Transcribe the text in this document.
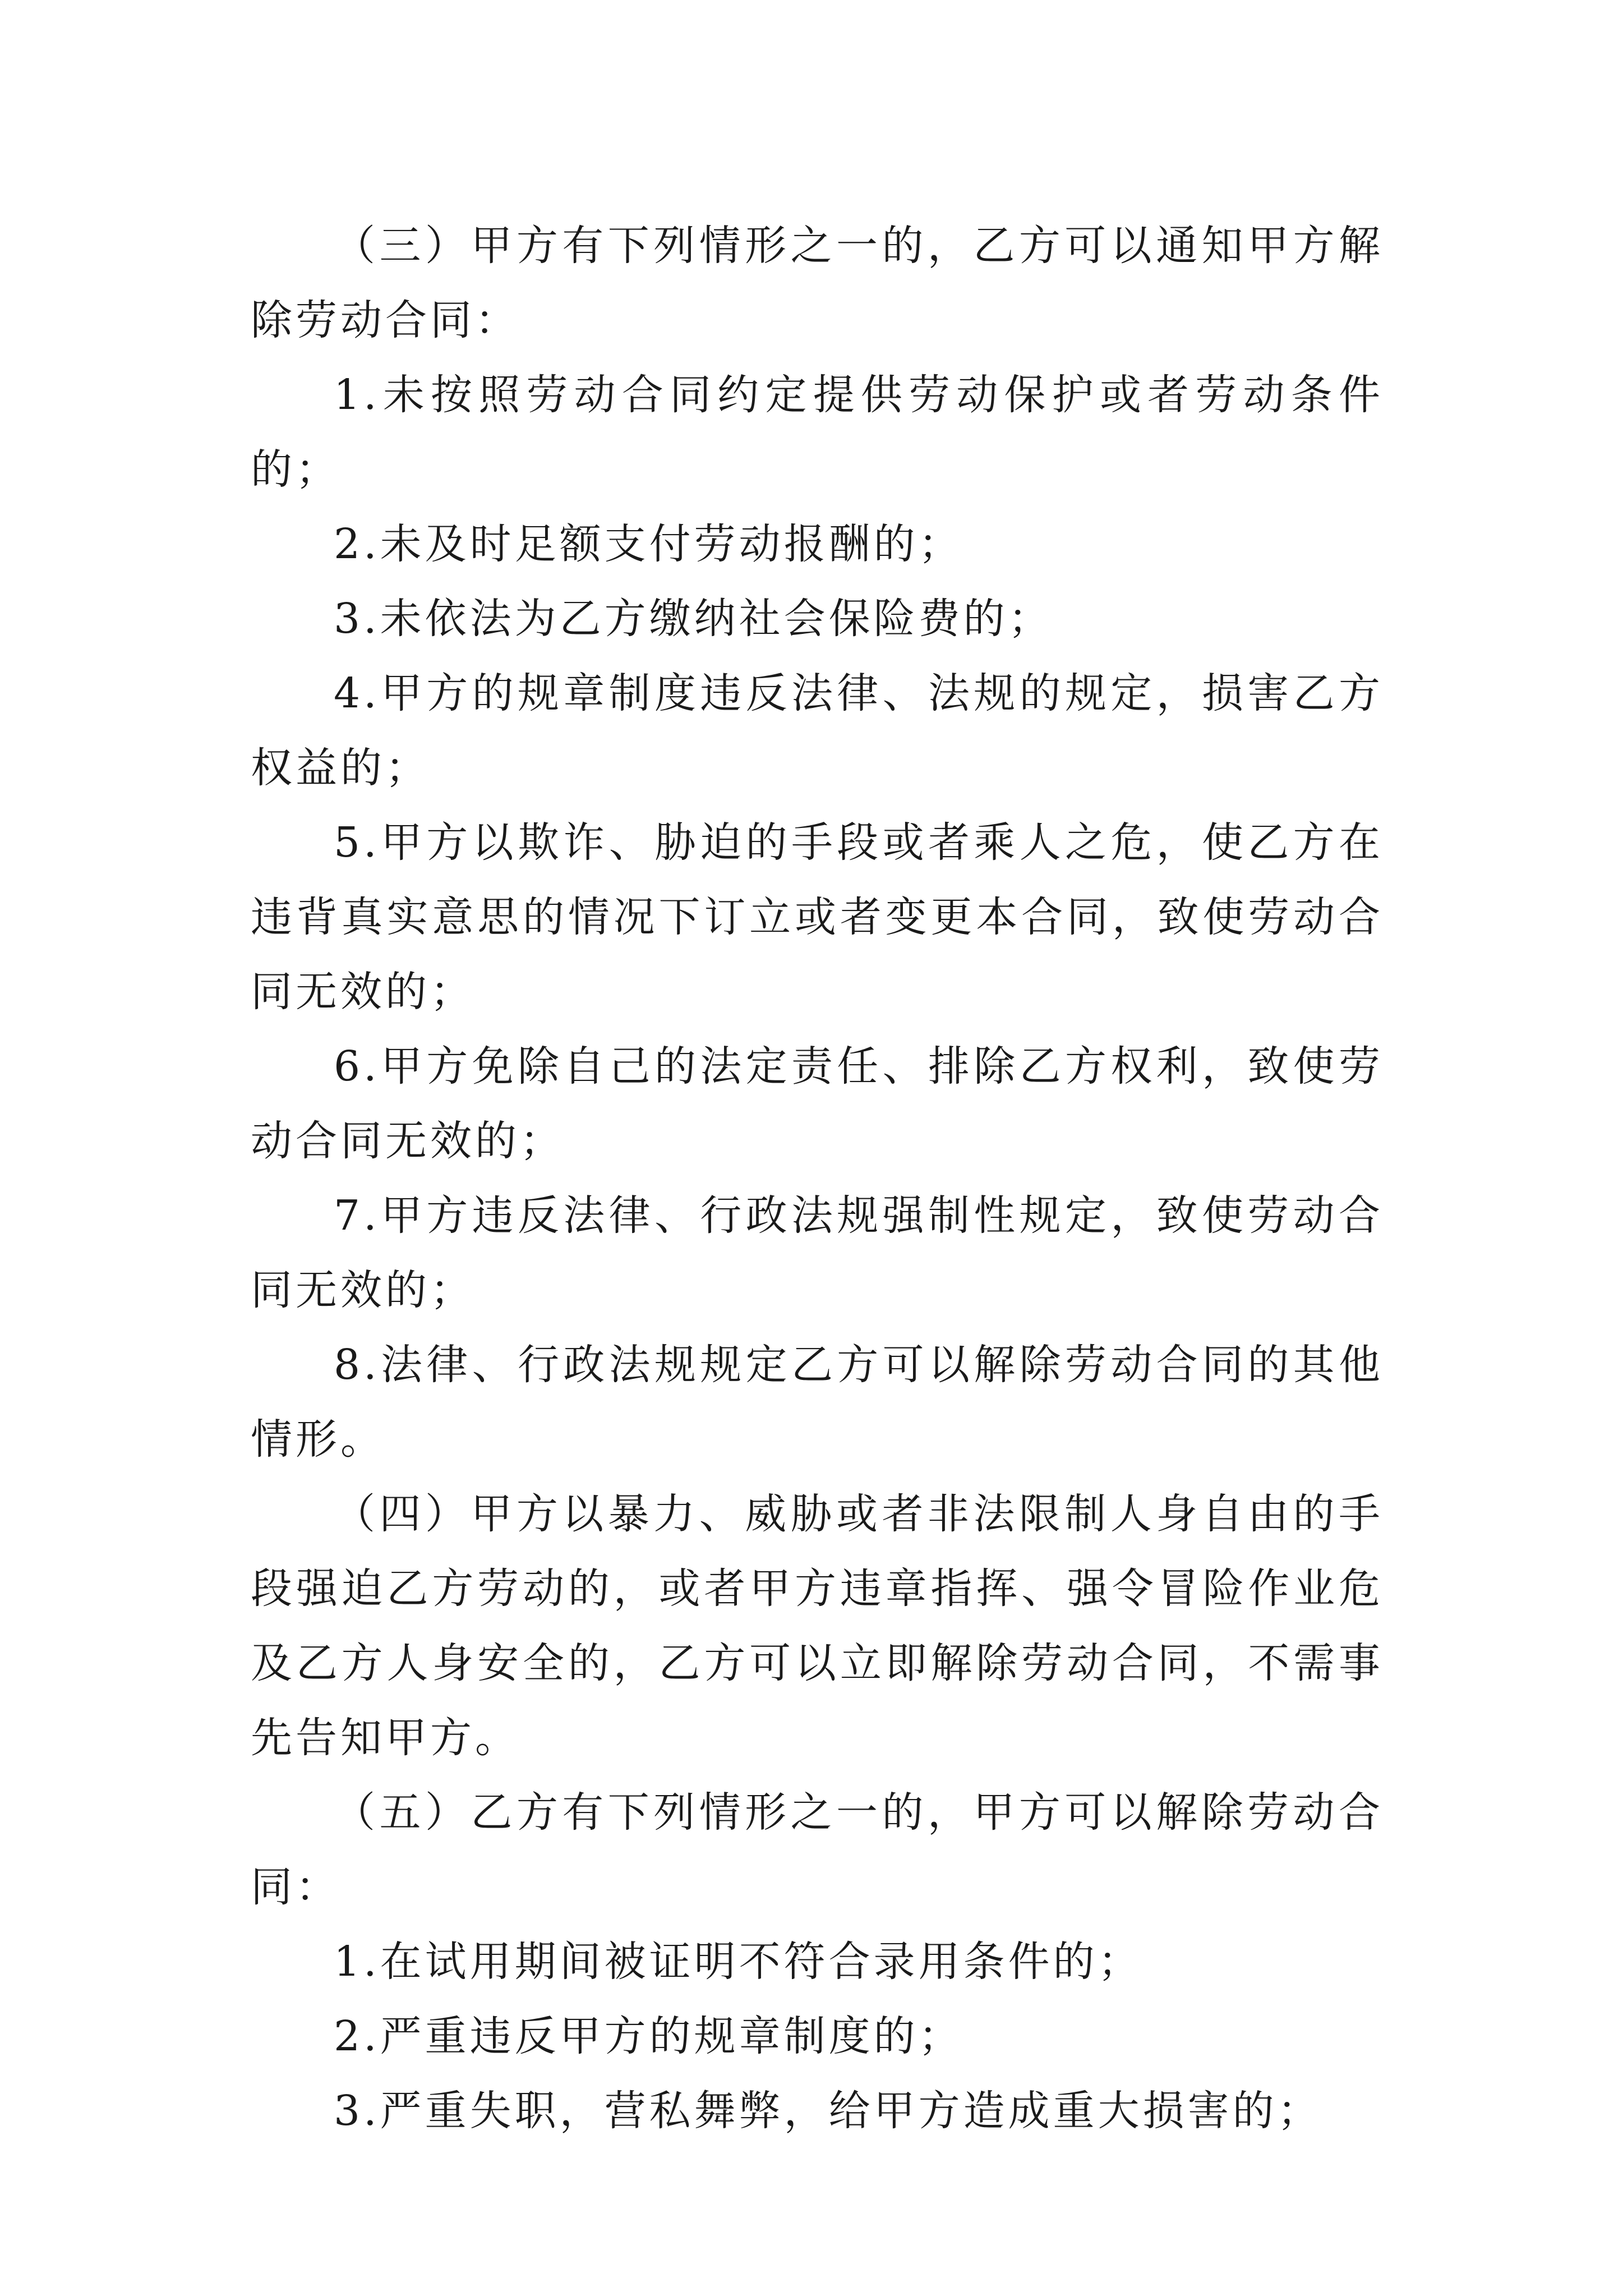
（三）甲方有下列情形之一的，乙方可以通知甲方解除劳动合同：

1.未按照劳动合同约定提供劳动保护或者劳动条件的；

2.未及时足额支付劳动报酬的；

3.未依法为乙方缴纳社会保险费的；

4.甲方的规章制度违反法律、法规的规定，损害乙方权益的；

5.甲方以欺诈、胁迫的手段或者乘人之危，使乙方在违背真实意思的情况下订立或者变更本合同，致使劳动合同无效的；

6.甲方免除自己的法定责任、排除乙方权利，致使劳动合同无效的；

7.甲方违反法律、行政法规强制性规定，致使劳动合同无效的；

8.法律、行政法规规定乙方可以解除劳动合同的其他情形。

（四）甲方以暴力、威胁或者非法限制人身自由的手段强迫乙方劳动的，或者甲方违章指挥、强令冒险作业危及乙方人身安全的，乙方可以立即解除劳动合同，不需事先告知甲方。

（五）乙方有下列情形之一的，甲方可以解除劳动合同：

1.在试用期间被证明不符合录用条件的；

2.严重违反甲方的规章制度的；

3.严重失职，营私舞弊，给甲方造成重大损害的；
